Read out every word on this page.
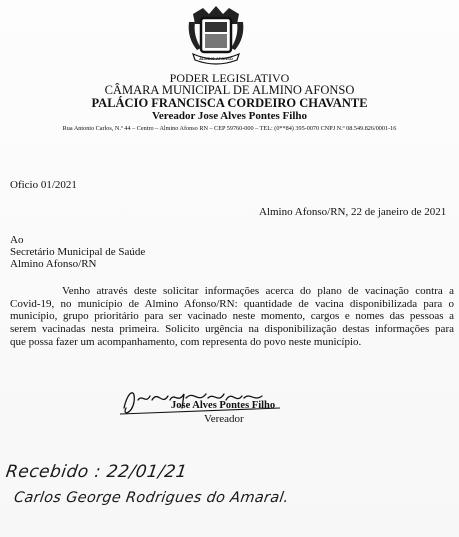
ALMINO AFONSO
PODER LEGISLATIVO
CÂMARA MUNICIPAL DE ALMINO AFONSO
PALÁCIO FRANCISCA CORDEIRO CHAVANTE
Vereador Jose Alves Pontes Filho
Rua Antonio Carlos, N.º 44 – Centro – Almino Afonso RN – CEP 59760-000 – TEL: (0**84) 395-0070 CNPJ N.º 08.549.826/0001-16
Oficio 01/2021
Almino Afonso/RN, 22 de janeiro de 2021
Ao
Secretário Municipal de Saúde
Almino Afonso/RN
Venho através deste solicitar informações acerca do plano de vacinação contra a
Covid-19, no município de Almino Afonso/RN: quantidade de vacina disponibilizada para o
município, grupo prioritário para ser vacinado neste momento, cargos e nomes das pessoas a
serem vacinadas nesta primeira. Solicito urgência na disponibilização destas informações para
que possa fazer um acompanhamento, com representa do povo neste município.
Jose Alves Pontes Filho
Vereador
Recebido : 22/01/21
Carlos George Rodrigues do Amaral.
